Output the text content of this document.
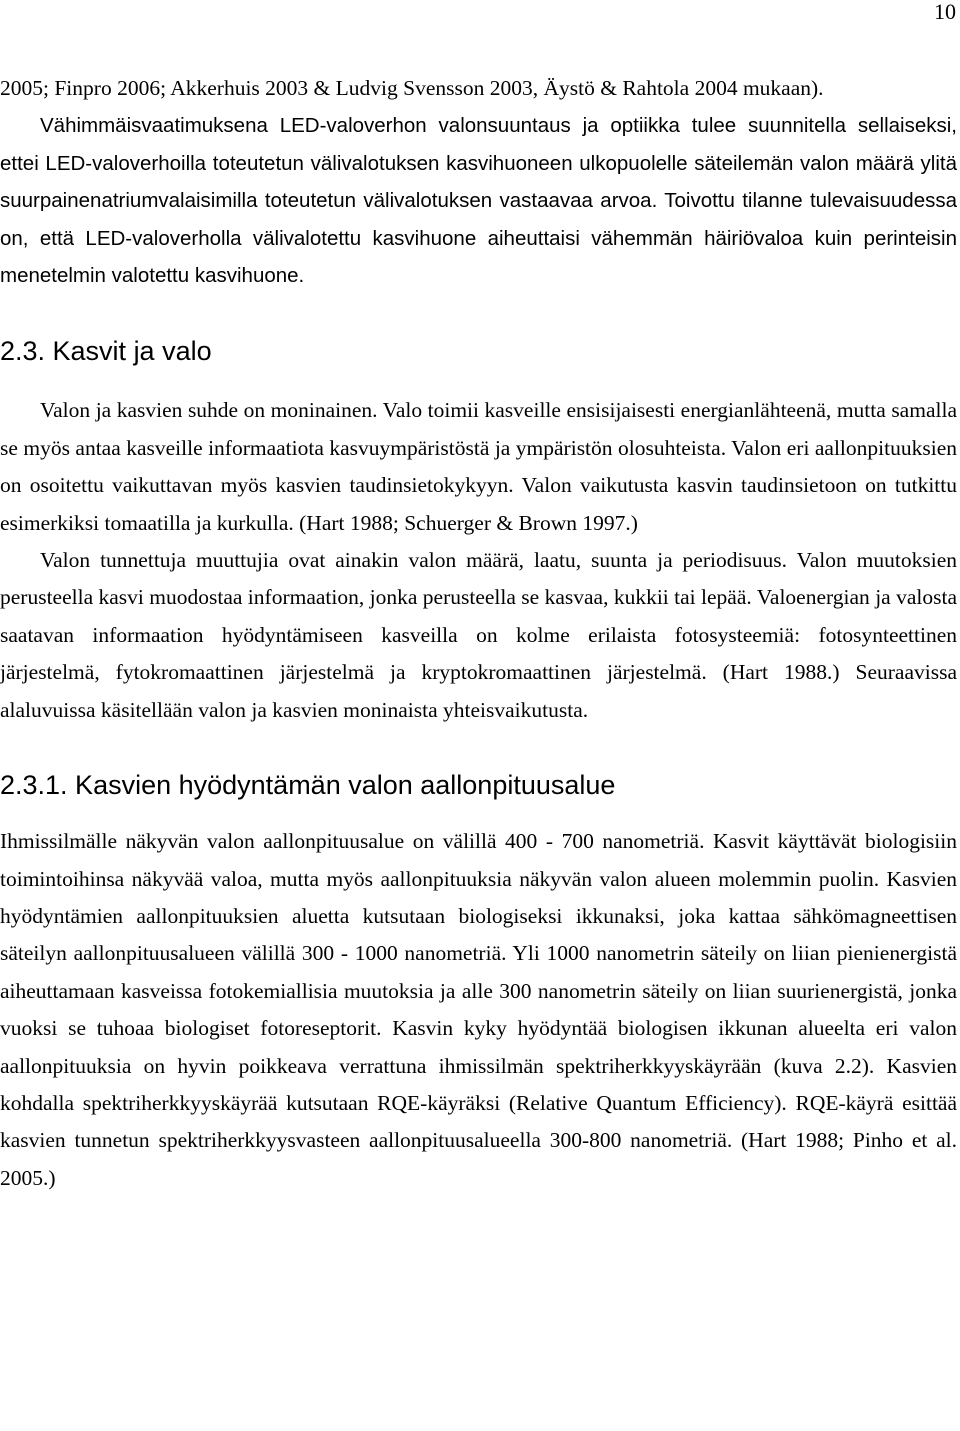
10

2005; Finpro 2006; Akkerhuis 2003 & Ludvig Svensson 2003, Äystö & Rahtola 2004 mukaan).

Vähimmäisvaatimuksena LED-valoverhon valonsuuntaus ja optiikka tulee suunnitella sellaiseksi, ettei LED-valoverhoilla toteutetun välivalotuksen kasvihuoneen ulkopuolelle säteilemän valon määrä ylitä suurpainenatriumvalaisimilla toteutetun välivalotuksen vastaavaa arvoa. Toivottu tilanne tulevaisuudessa on, että LED-valoverholla välivalotettu kasvihuone aiheuttaisi vähemmän häiriövaloa kuin perinteisin menetelmin valotettu kasvihuone.

2.3. Kasvit ja valo

Valon ja kasvien suhde on moninainen. Valo toimii kasveille ensisijaisesti energianlähteenä, mutta samalla se myös antaa kasveille informaatiota kasvuympäristöstä ja ympäristön olosuhteista. Valon eri aallonpituuksien on osoitettu vaikuttavan myös kasvien taudinsietokykyyn. Valon vaikutusta kasvin taudinsietoon on tutkittu esimerkiksi tomaatilla ja kurkulla. (Hart 1988; Schuerger & Brown 1997.)

Valon tunnettuja muuttujia ovat ainakin valon määrä, laatu, suunta ja periodisuus. Valon muutoksien perusteella kasvi muodostaa informaation, jonka perusteella se kasvaa, kukkii tai lepää. Valoenergian ja valosta saatavan informaation hyödyntämiseen kasveilla on kolme erilaista fotosysteemiä: fotosynteettinen järjestelmä, fytokromaattinen järjestelmä ja kryptokromaattinen järjestelmä. (Hart 1988.) Seuraavissa alaluvuissa käsitellään valon ja kasvien moninaista yhteisvaikutusta.

2.3.1. Kasvien hyödyntämän valon aallonpituusalue

Ihmissilmälle näkyvän valon aallonpituusalue on välillä 400 - 700 nanometriä. Kasvit käyttävät biologisiin toimintoihinsa näkyvää valoa, mutta myös aallonpituuksia näkyvän valon alueen molemmin puolin. Kasvien hyödyntämien aallonpituuksien aluetta kutsutaan biologiseksi ikkunaksi, joka kattaa sähkömagneettisen säteilyn aallonpituusalueen välillä 300 - 1000 nanometriä. Yli 1000 nanometrin säteily on liian pienienergistä aiheuttamaan kasveissa fotokemiallisia muutoksia ja alle 300 nanometrin säteily on liian suurienergistä, jonka vuoksi se tuhoaa biologiset fotoreseptorit. Kasvin kyky hyödyntää biologisen ikkunan alueelta eri valon aallonpituuksia on hyvin poikkeava verrattuna ihmissilmän spektriherkkyyskäyrään (kuva 2.2). Kasvien kohdalla spektriherkkyyskäyrää kutsutaan RQE-käyräksi (Relative Quantum Efficiency). RQE-käyrä esittää kasvien tunnetun spektriherkkyysvasteen aallonpituusalueella 300-800 nanometriä. (Hart 1988; Pinho et al. 2005.)
